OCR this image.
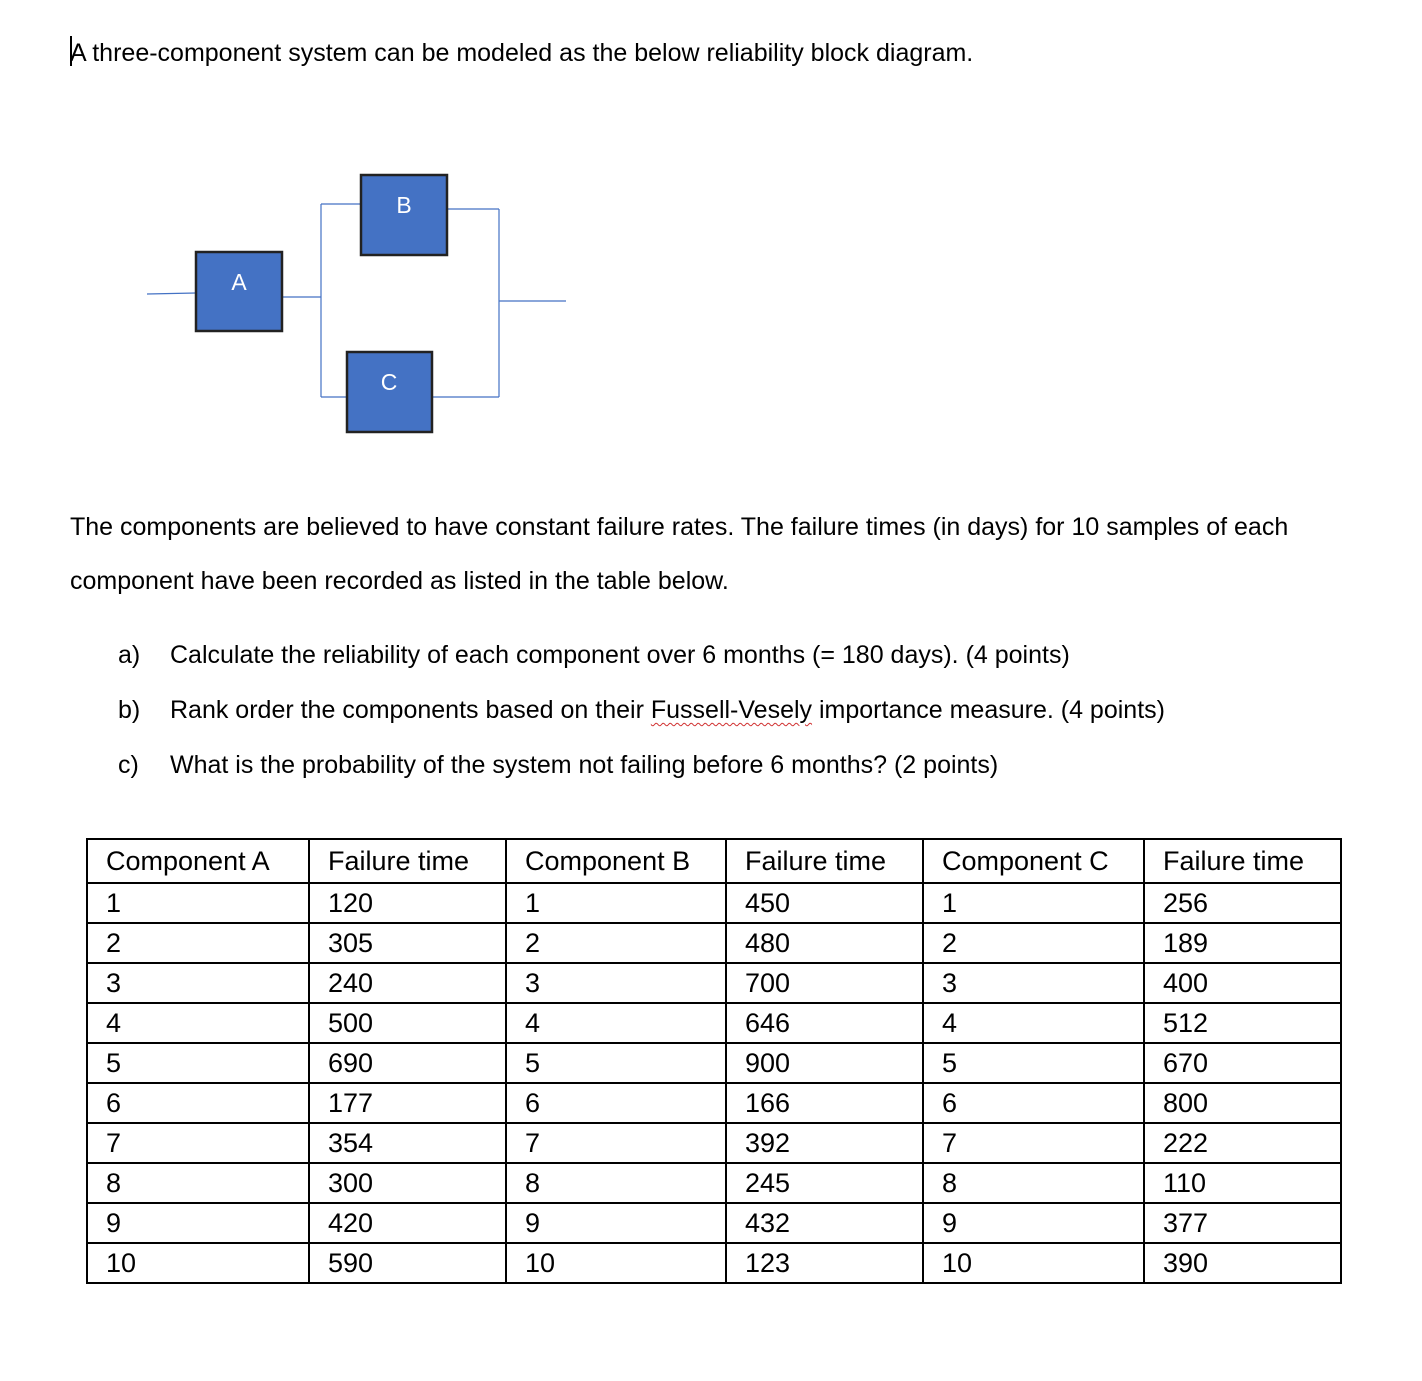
A three-component system can be modeled as the below reliability block diagram.
A
B
C
The components are believed to have constant failure rates. The failure times (in days) for 10 samples of each component have been recorded as listed in the table below.
a) Calculate the reliability of each component over 6 months (= 180 days). (4 points)
b) Rank order the components based on their Fussell-Vesely importance measure. (4 points)
c) What is the probability of the system not failing before 6 months? (2 points)
Component A	Failure time	Component B	Failure time	Component C	Failure time
1	120	1	450	1	256
2	305	2	480	2	189
3	240	3	700	3	400
4	500	4	646	4	512
5	690	5	900	5	670
6	177	6	166	6	800
7	354	7	392	7	222
8	300	8	245	8	110
9	420	9	432	9	377
10	590	10	123	10	390
